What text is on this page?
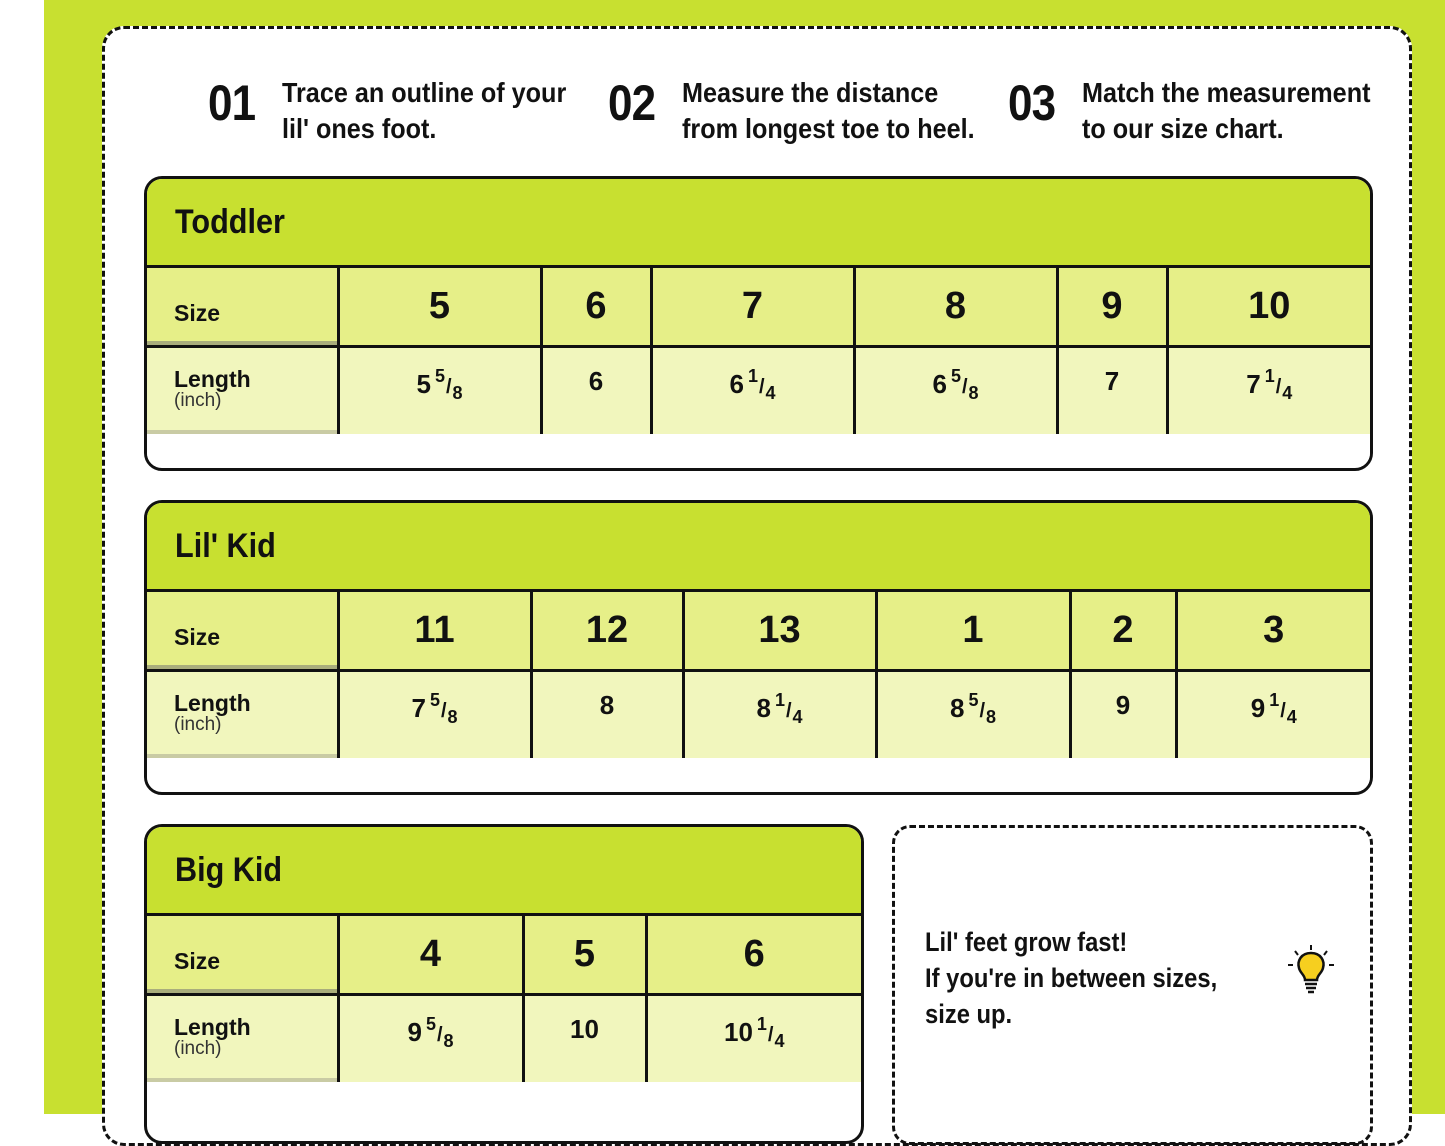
01 Trace an outline of your
lil' ones foot.	02 Measure the distance
from longest toe to heel. 03 Match the measurement
to our size chart.
Toddler
Size	5	6	7	8	9	10
Length
(inch)	5 $^5/_8$	6	6 $^1/_4$	6 $^5/_8$	7	7 $^1/_4$
Lil' Kid
Size	11	12	13	1	2	3
Length
(inch)	7 $^5/_8$	8	8 $^1/_4$	8 $^5/_8$	9	9 $^1/_4$
Big Kid
Size	4	5	6
Length
(inch)	9 $^5/_8$	10	10 $^1/_4$
Lil' feet grow fast!
If you're in between sizes,
size up.
